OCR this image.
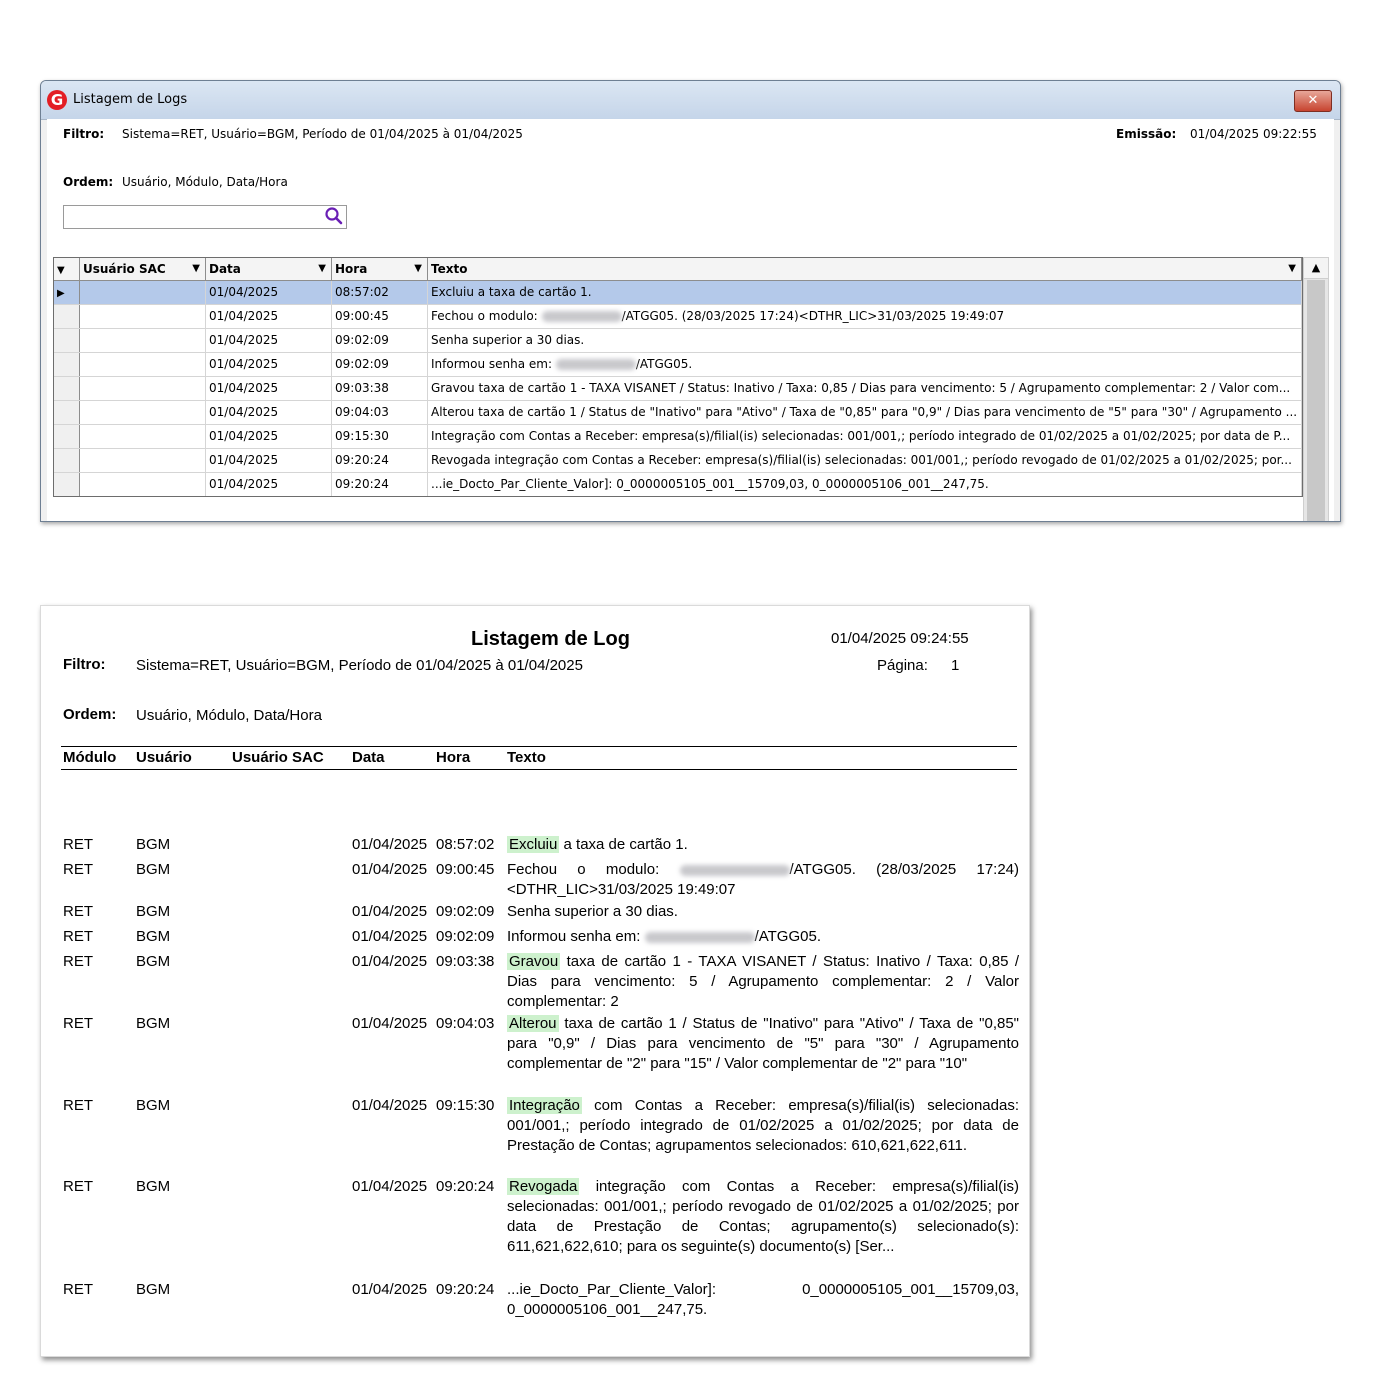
G Listagem de Logs	✕
Filtro: Sistema=RET, Usuário=BGM, Período de 01/04/2025 à 01/04/2025	Emissão: 01/04/2025 09:22:55
Ordem: Usuário, Módulo, Data/Hora
▼	Usuário SAC	▼ Data	▼ Hora	▼ Texto	▼
▶	01/04/2025	08:57:02	Excluiu a taxa de cartão 1.
01/04/2025	09:00:45	Fechou o modulo:	/ATGG05. (28/03/2025 17:24)<DTHR_LIC>31/03/2025 19:49:07
01/04/2025	09:02:09	Senha superior a 30 dias.
01/04/2025	09:02:09	Informou senha em:	/ATGG05.
01/04/2025	09:03:38	Gravou taxa de cartão 1 - TAXA VISANET / Status: Inativo / Taxa: 0,85 / Dias para vencimento: 5 / Agrupamento complementar: 2 / Valor com...
01/04/2025	09:04:03	Alterou taxa de cartão 1 / Status de "Inativo" para "Ativo" / Taxa de "0,85" para "0,9" / Dias para vencimento de "5" para "30" / Agrupamento ...
01/04/2025	09:15:30	Integração com Contas a Receber: empresa(s)/filial(is) selecionadas: 001/001,; período integrado de 01/02/2025 a 01/02/2025; por data de P...
01/04/2025	09:20:24	Revogada integração com Contas a Receber: empresa(s)/filial(is) selecionadas: 001/001,; período revogado de 01/02/2025 a 01/02/2025; por...
01/04/2025	09:20:24	...ie_Docto_Par_Cliente_Valor]: 0_0000005105_001__15709,03, 0_0000005106_001__247,75.
▲
Listagem de Log	01/04/2025 09:24:55
Página: 1
Filtro: Sistema=RET, Usuário=BGM, Período de 01/04/2025 à 01/04/2025
Ordem: Usuário, Módulo, Data/Hora
Módulo Usuário	Usuário SAC Data	Hora Texto
RET	BGM	01/04/2025 08:57:02 Excluiu a taxa de cartão 1.
RET	BGM	01/04/2025 09:00:45 Fechou o modulo:	/ATGG05. (28/03/2025 17:24)<DTHR_LIC>31/03/2025 19:49:07
RET	BGM	01/04/2025 09:02:09 Senha superior a 30 dias.
RET	BGM	01/04/2025 09:02:09 Informou senha em:	/ATGG05.
RET	BGM	01/04/2025 09:03:38 Gravou taxa de cartão 1 - TAXA VISANET / Status: Inativo / Taxa: 0,85 / Dias para vencimento: 5 / Agrupamento complementar: 2 / Valor complementar: 2
RET	BGM	01/04/2025 09:04:03 Alterou taxa de cartão 1 / Status de "Inativo" para "Ativo" / Taxa de "0,85" para "0,9" / Dias para vencimento de "5" para "30" / Agrupamento complementar de "2" para "15" / Valor complementar de "2" para "10"
RET	BGM	01/04/2025 09:15:30 Integração com Contas a Receber: empresa(s)/filial(is) selecionadas: 001/001,; período integrado de 01/02/2025 a 01/02/2025; por data de Prestação de Contas; agrupamentos selecionados: 610,621,622,611.
RET	BGM	01/04/2025 09:20:24 Revogada integração com Contas a Receber: empresa(s)/filial(is) selecionadas: 001/001,; período revogado de 01/02/2025 a 01/02/2025; por data de Prestação de Contas; agrupamento(s) selecionado(s): 611,621,622,610; para os seguinte(s) documento(s) [Ser...
RET	BGM	01/04/2025 09:20:24 ...ie_Docto_Par_Cliente_Valor]: 0_0000005105_001__15709,03, 0_0000005106_001__247,75.
